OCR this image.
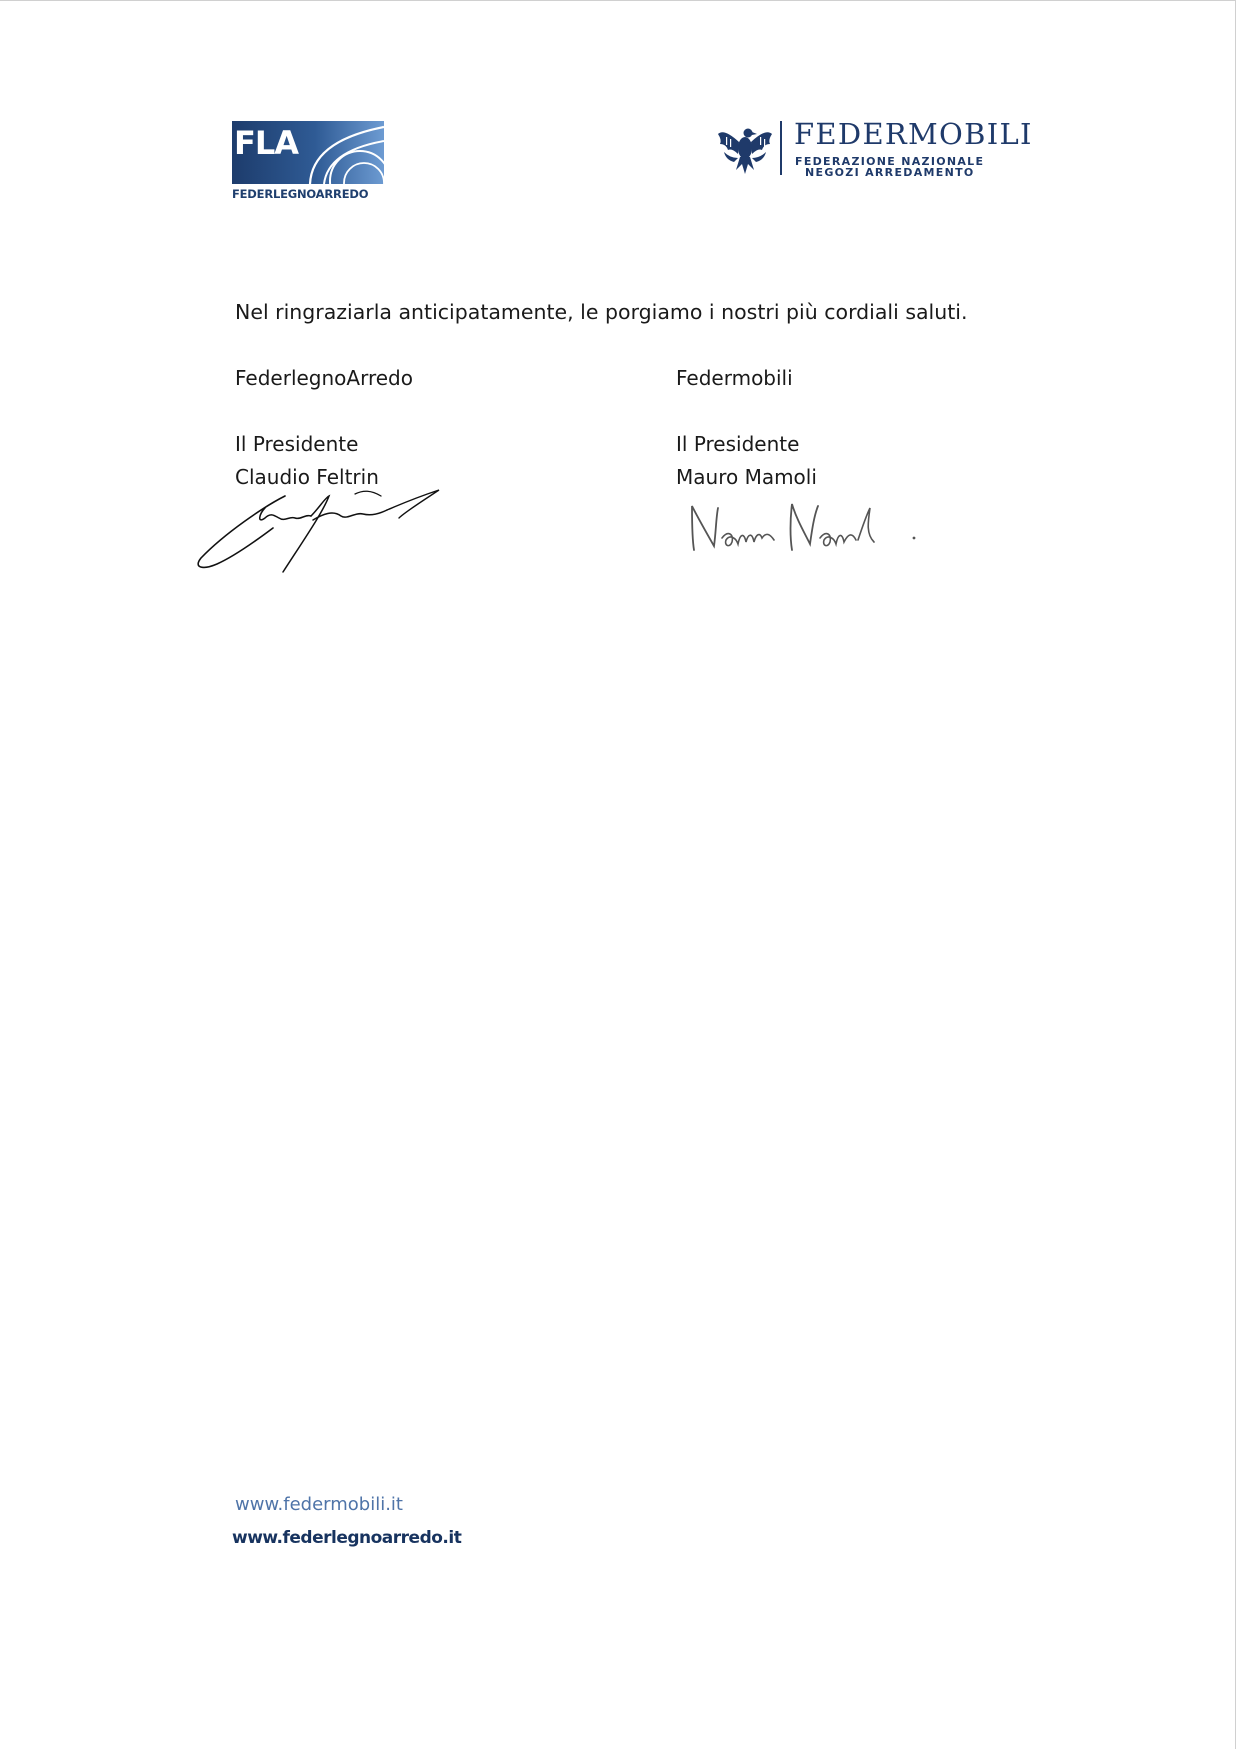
FLA
FEDERLEGNOARREDO
FEDERMOBILI
FEDERAZIONE NAZIONALE
NEGOZI ARREDAMENTO
Nel ringraziarla anticipatamente, le porgiamo i nostri più cordiali saluti.
FederlegnoArredo	Federmobili
Il Presidente	Il Presidente
Claudio Feltrin	Mauro Mamoli
www.federmobili.it
www.federlegnoarredo.it
